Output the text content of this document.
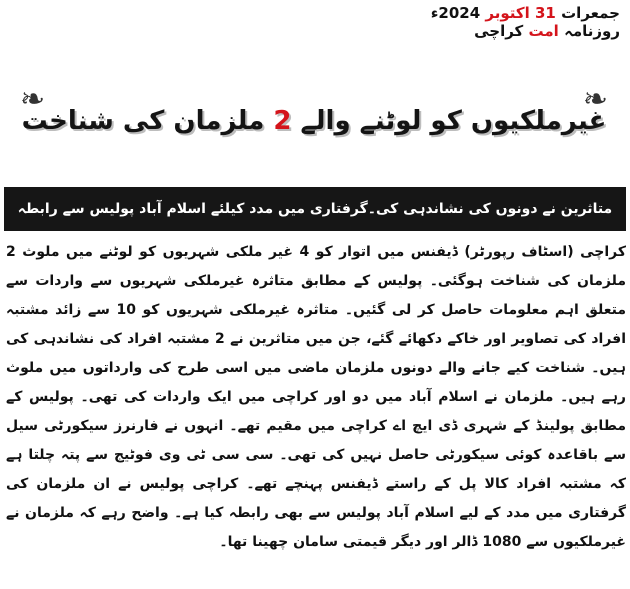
جمعرات 31 اکتوبر 2024ء
روزنامہ امت کراچی
❧
❧
غیرملکیوں کو لوٹنے والے 2 ملزمان کی شناخت
متاثرین نے دونوں کی نشاندہی کی۔گرفتاری میں مدد کیلئے اسلام آباد پولیس سے رابطہ
کراچی (اسٹاف رپورٹر) ڈیفنس میں اتوار کو 4 غیر ملکی شہریوں کو لوٹنے میں ملوث 2 ملزمان کی شناخت ہوگئی۔ پولیس کے مطابق متاثرہ غیرملکی شہریوں سے واردات سے متعلق اہم معلومات حاصل کر لی گئیں۔ متاثرہ غیرملکی شہریوں کو 10 سے زائد مشتبہ افراد کی تصاویر اور خاکے دکھائے گئے، جن میں متاثرین نے 2 مشتبہ افراد کی نشاندہی کی ہیں۔ شناخت کیے جانے والے دونوں ملزمان ماضی میں اسی طرح کی وارداتوں میں ملوث رہے ہیں۔ ملزمان نے اسلام آباد میں دو اور کراچی میں ایک واردات کی تھی۔ پولیس کے مطابق پولینڈ کے شہری ڈی ایچ اے کراچی میں مقیم تھے۔ انہوں نے فارنرز سیکورٹی سیل سے باقاعدہ کوئی سیکورٹی حاصل نہیں کی تھی۔ سی سی ٹی وی فوٹیج سے پتہ چلتا ہے کہ مشتبہ افراد کالا پل کے راستے ڈیفنس پہنچے تھے۔ کراچی پولیس نے ان ملزمان کی گرفتاری میں مدد کے لیے اسلام آباد پولیس سے بھی رابطہ کیا ہے۔ واضح رہے کہ ملزمان نے غیرملکیوں سے 1080 ڈالر اور دیگر قیمتی سامان چھینا تھا۔
